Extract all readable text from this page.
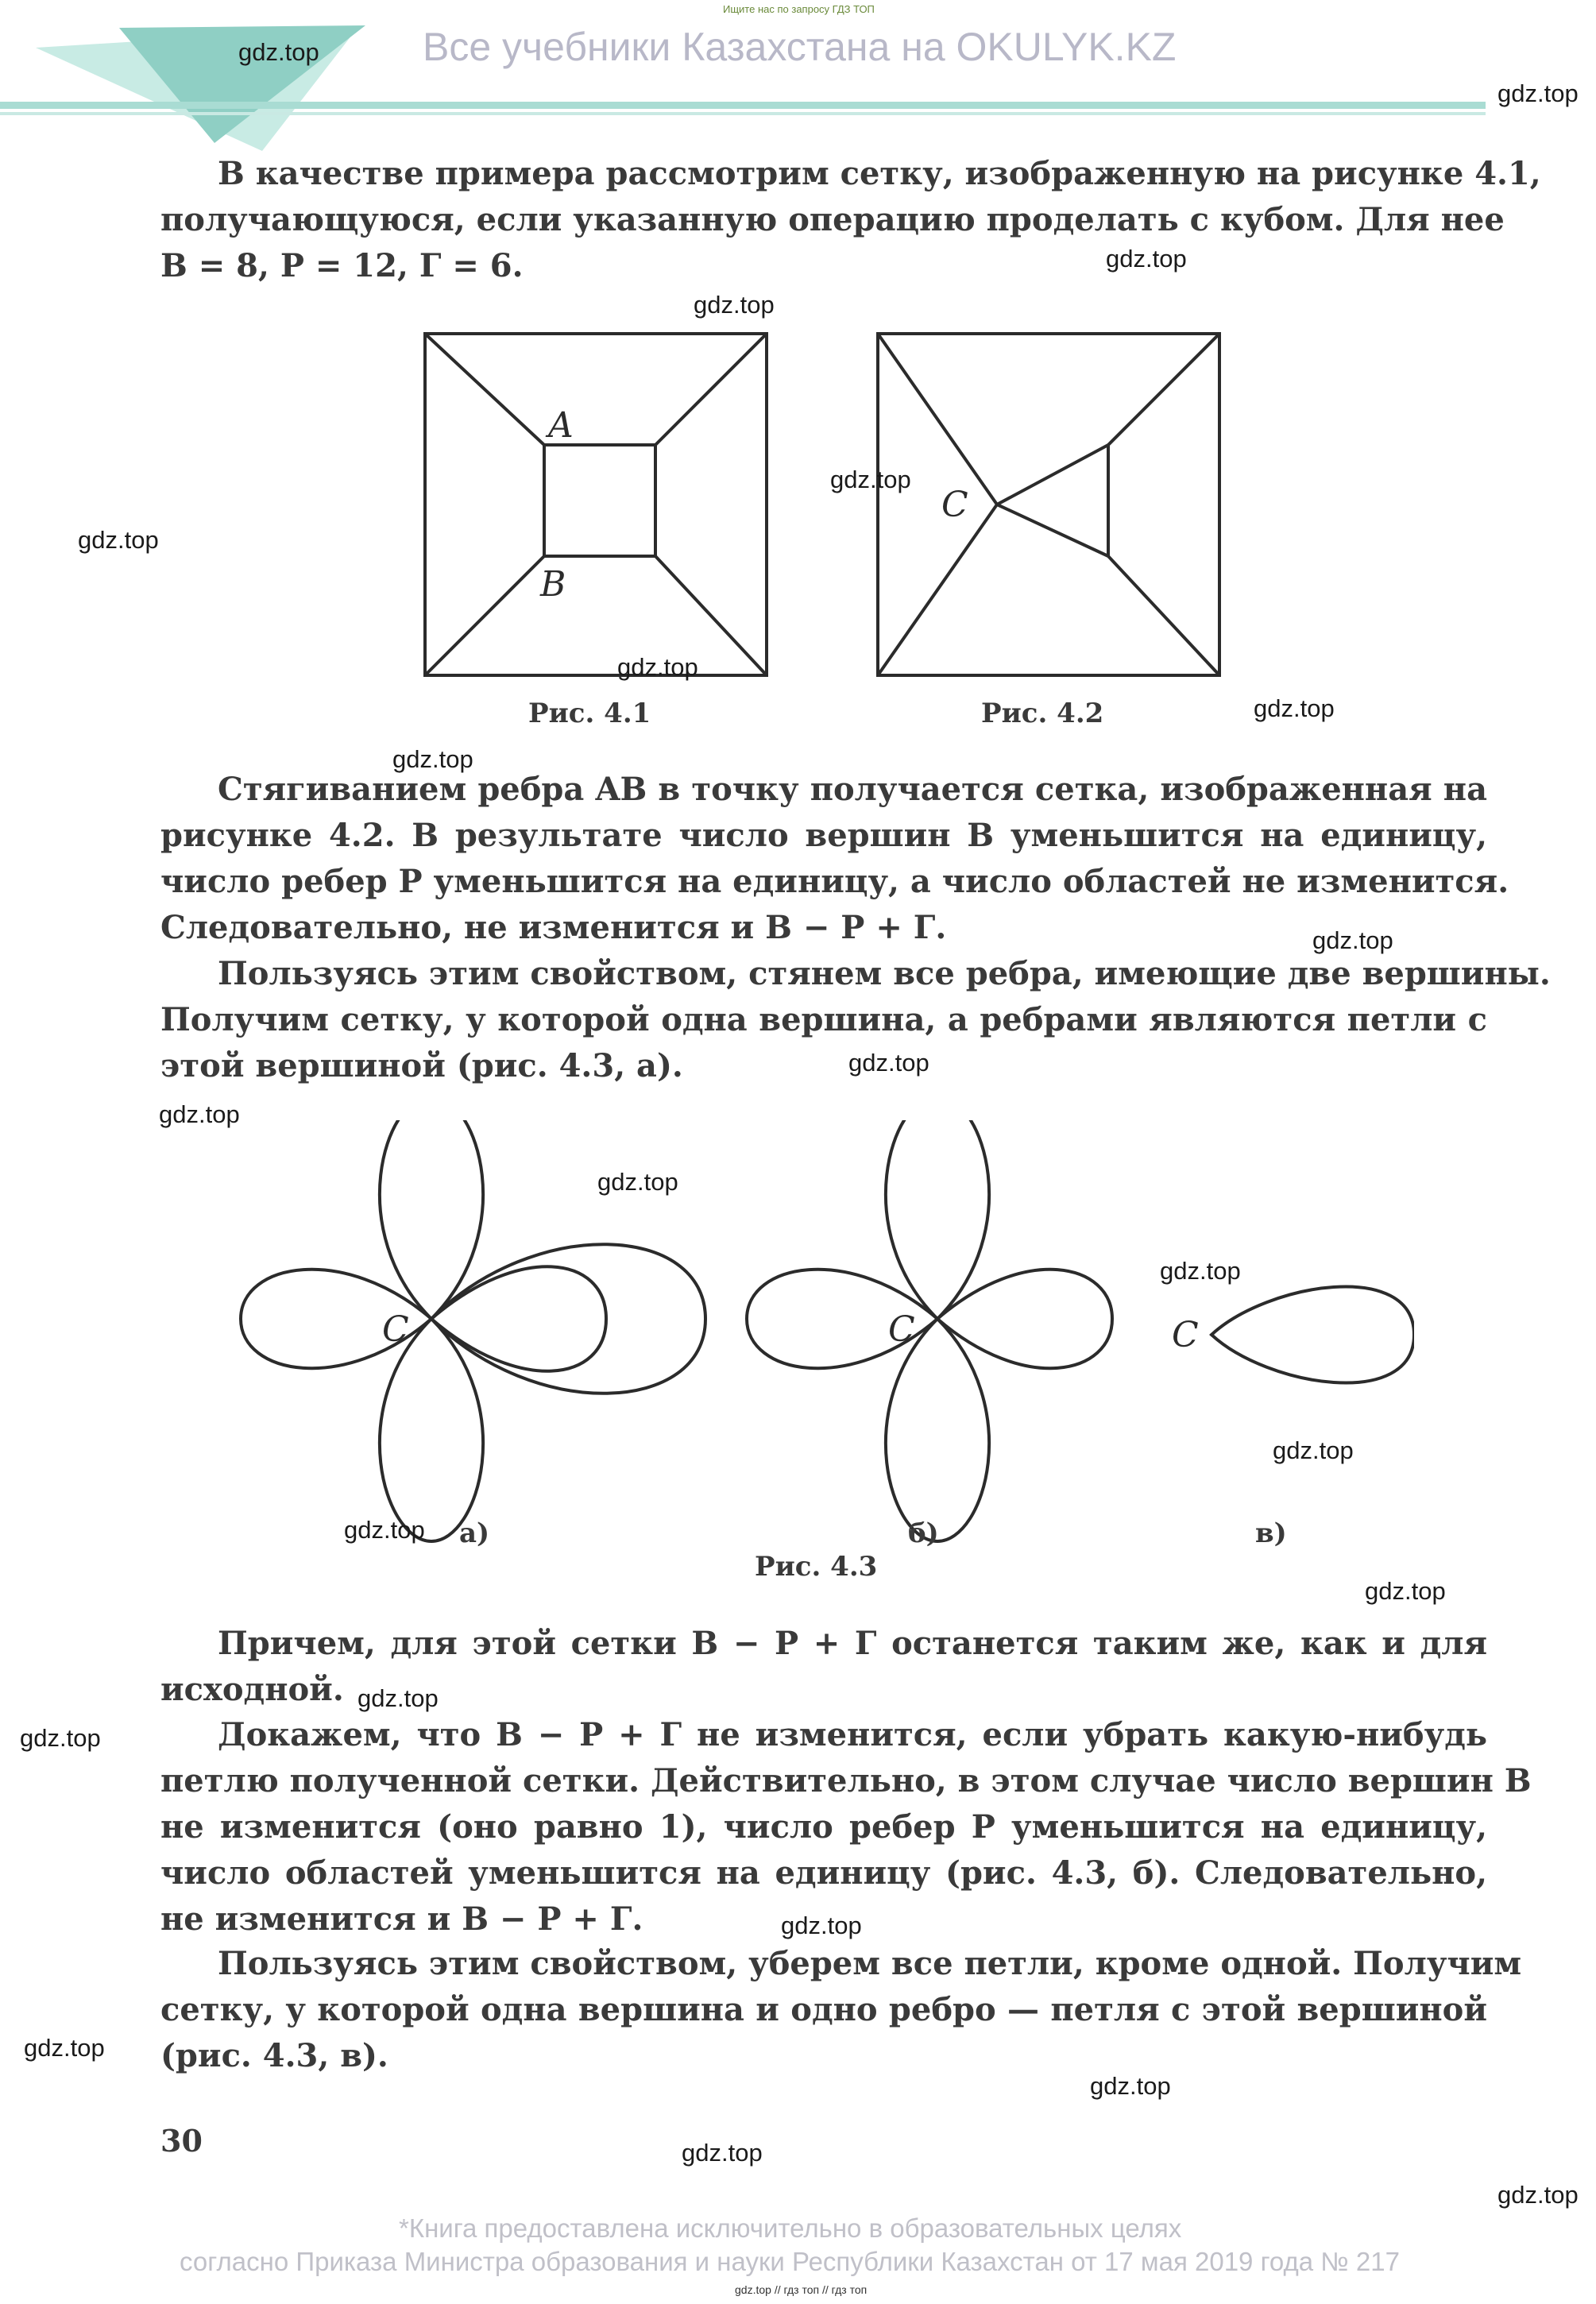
Ищите нас по запросу ГДЗ ТОП
Все учебники Казахстана на OKULYK.KZ

В качестве примера рассмотрим сетку, изображенную на рисунке 4.1,
получающуюся, если указанную операцию проделать с кубом. Для нее
В = 8, Р = 12, Г = 6.

A
B
C
Рис. 4.1	Рис. 4.2

Стягиванием ребра AB в точку получается сетка, изображенная на
рисунке 4.2. В результате число вершин В уменьшится на единицу,
число ребер Р уменьшится на единицу, а число областей не изменится.
Следовательно, не изменится и В − Р + Г.

Пользуясь этим свойством, стянем все ребра, имеющие две вершины.
Получим сетку, у которой одна вершина, а ребрами являются петли с
этой вершиной (рис. 4.3, а).

C	C	C
а)	б)	в)
Рис. 4.3

Причем, для этой сетки В − Р + Г останется таким же, как и для
исходной.

Докажем, что В − Р + Г не изменится, если убрать какую-нибудь
петлю полученной сетки. Действительно, в этом случае число вершин В
не изменится (оно равно 1), число ребер Р уменьшится на единицу,
число областей уменьшится на единицу (рис. 4.3, б). Следовательно,
не изменится и В − Р + Г.

Пользуясь этим свойством, уберем все петли, кроме одной. Получим
сетку, у которой одна вершина и одно ребро — петля с этой вершиной
(рис. 4.3, в).

30
*Книга предоставлена исключительно в образовательных целях
согласно Приказа Министра образования и науки Республики Казахстан от 17 мая 2019 года № 217
gdz.top // гдз топ // гдз топ
gdz.top
gdz.top
gdz.top
gdz.top
gdz.top
gdz.top
gdz.top
gdz.top
gdz.top
gdz.top
gdz.top
gdz.top
gdz.top
gdz.top
gdz.top
gdz.top
gdz.top
gdz.top
gdz.top
gdz.top
gdz.top
gdz.top
gdz.top
gdz.top
